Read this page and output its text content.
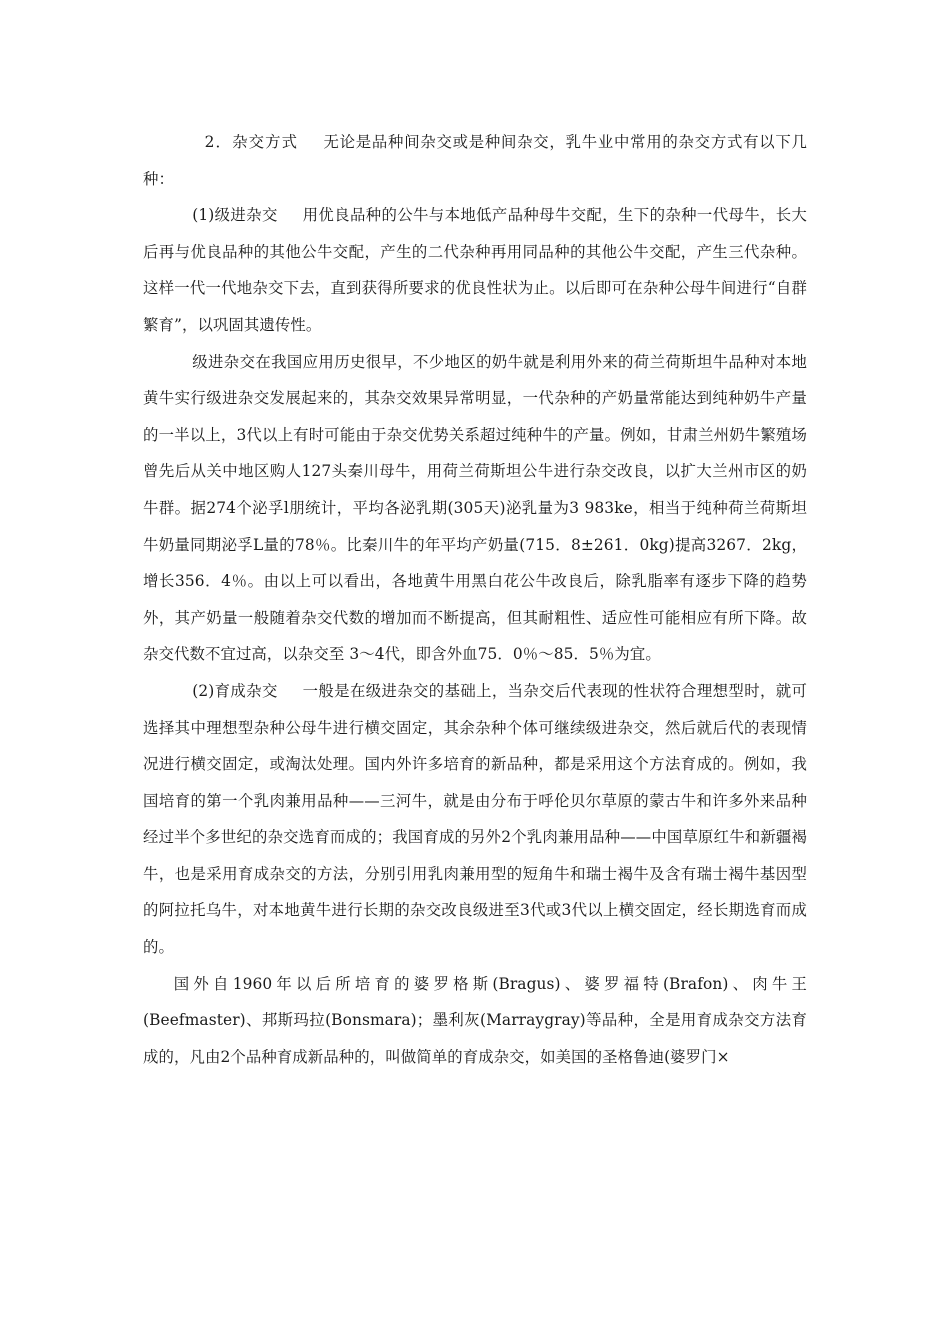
2．杂交方式 无论是品种间杂交或是种间杂交，乳牛业中常用的杂交方式有以下几种：

(1)级进杂交 用优良品种的公牛与本地低产品种母牛交配，生下的杂种一代母牛，长大后再与优良品种的其他公牛交配，产生的二代杂种再用同品种的其他公牛交配，产生三代杂种。这样一代一代地杂交下去，直到获得所要求的优良性状为止。以后即可在杂种公母牛间进行“自群繁育”，以巩固其遗传性。

级进杂交在我国应用历史很早，不少地区的奶牛就是利用外来的荷兰荷斯坦牛品种对本地黄牛实行级进杂交发展起来的，其杂交效果异常明显，一代杂种的产奶量常能达到纯种奶牛产量的一半以上，3代以上有时可能由于杂交优势关系超过纯种牛的产量。例如，甘肃兰州奶牛繁殖场曾先后从关中地区购人127头秦川母牛，用荷兰荷斯坦公牛进行杂交改良，以扩大兰州市区的奶牛群。据274个泌孚l朋统计，平均各泌乳期(305天)泌乳量为3 983ke，相当于纯种荷兰荷斯坦牛奶量同期泌孚L量的78％。比秦川牛的年平均产奶量(715．8±261．0kg)提高3267．2kg，增长356．4％。由以上可以看出，各地黄牛用黑白花公牛改良后，除乳脂率有逐步下降的趋势外，其产奶量一般随着杂交代数的增加而不断提高，但其耐粗性、适应性可能相应有所下降。故杂交代数不宜过高，以杂交至 3～4代，即含外血75．0％～85．5％为宜。

(2)育成杂交 一般是在级进杂交的基础上，当杂交后代表现的性状符合理想型时，就可选择其中理想型杂种公母牛进行横交固定，其余杂种个体可继续级进杂交，然后就后代的表现情况进行横交固定，或淘汰处理。国内外许多培育的新品种，都是采用这个方法育成的。例如，我国培育的第一个乳肉兼用品种——三河牛，就是由分布于呼伦贝尔草原的蒙古牛和许多外来品种经过半个多世纪的杂交选育而成的；我国育成的另外2个乳肉兼用品种——中国草原红牛和新疆褐牛，也是采用育成杂交的方法，分别引用乳肉兼用型的短角牛和瑞士褐牛及含有瑞士褐牛基因型的阿拉托乌牛，对本地黄牛进行长期的杂交改良级进至3代或3代以上横交固定，经长期选育而成的。

国外自1960年以后所培育的婆罗格斯(Bragus)、婆罗福特(Brafon)、肉牛王(Beefmaster)、邦斯玛拉(Bonsmara)；墨利灰(Marraygray)等品种，全是用育成杂交方法育成的，凡由2个品种育成新品种的，叫做简单的育成杂交，如美国的圣格鲁迪(婆罗门×
